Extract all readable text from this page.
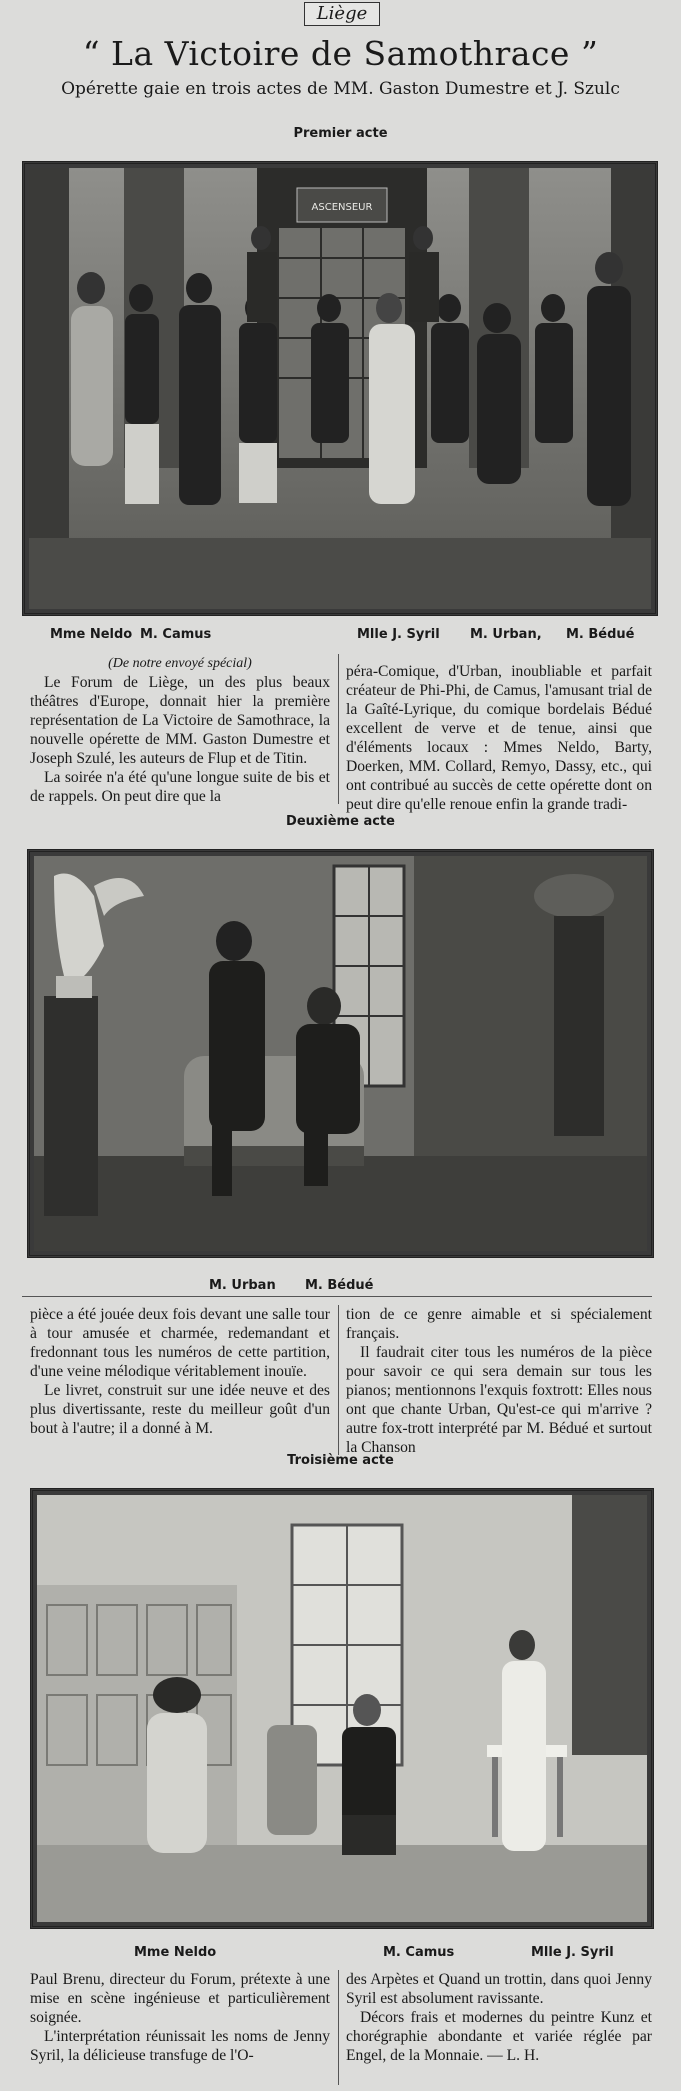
Liège
“ La Victoire de Samothrace ”
Opérette gaie en trois actes de MM. Gaston Dumestre et J. Szulc
Premier acte
ASCENSEUR
Mme Neldo M. Camus	Mlle J. Syril M. Urban, M. Bédué

(De notre envoyé spécial)

Le Forum de Liège, un des plus beaux théâtres d'Europe, donnait hier la première représentation de La Victoire de Samothrace, la nouvelle opérette de MM. Gaston Dumestre et Joseph Szulé, les auteurs de Flup et de Titin.

La soirée n'a été qu'une longue suite de bis et de rappels. On peut dire que la

péra-Comique, d'Urban, inoubliable et parfait créateur de Phi-Phi, de Camus, l'amusant trial de la Gaîté-Lyrique, du comique bordelais Bédué excellent de verve et de tenue, ainsi que d'éléments locaux : Mmes Neldo, Barty, Doerken, MM. Collard, Remyo, Dassy, etc., qui ont contribué au succès de cette opérette dont on peut dire qu'elle renoue enfin la grande tradi-

Deuxième acte
M. Urban M. Bédué

pièce a été jouée deux fois devant une salle tour à tour amusée et charmée, redemandant et fredonnant tous les numéros de cette partition, d'une veine mélodique véritablement inouïe.

Le livret, construit sur une idée neuve et des plus divertissante, reste du meilleur goût d'un bout à l'autre; il a donné à M.

tion de ce genre aimable et si spécialement français.

Il faudrait citer tous les numéros de la pièce pour savoir ce qui sera demain sur tous les pianos; mentionnons l'exquis foxtrott: Elles nous ont que chante Urban, Qu'est-ce qui m'arrive ?autre fox-trott interprété par M. Bédué et surtout la Chanson

Troisième acte
Mme Neldo	M. Camus	Mlle J. Syril

Paul Brenu, directeur du Forum, prétexte à une mise en scène ingénieuse et particulièrement soignée.

L'interprétation réunissait les noms de Jenny Syril, la délicieuse transfuge de l'O-

des Arpètes et Quand un trottin, dans quoi Jenny Syril est absolument ravissante.

Décors frais et modernes du peintre Kunz et chorégraphie abondante et variée réglée par Engel, de la Monnaie. — L. H.
